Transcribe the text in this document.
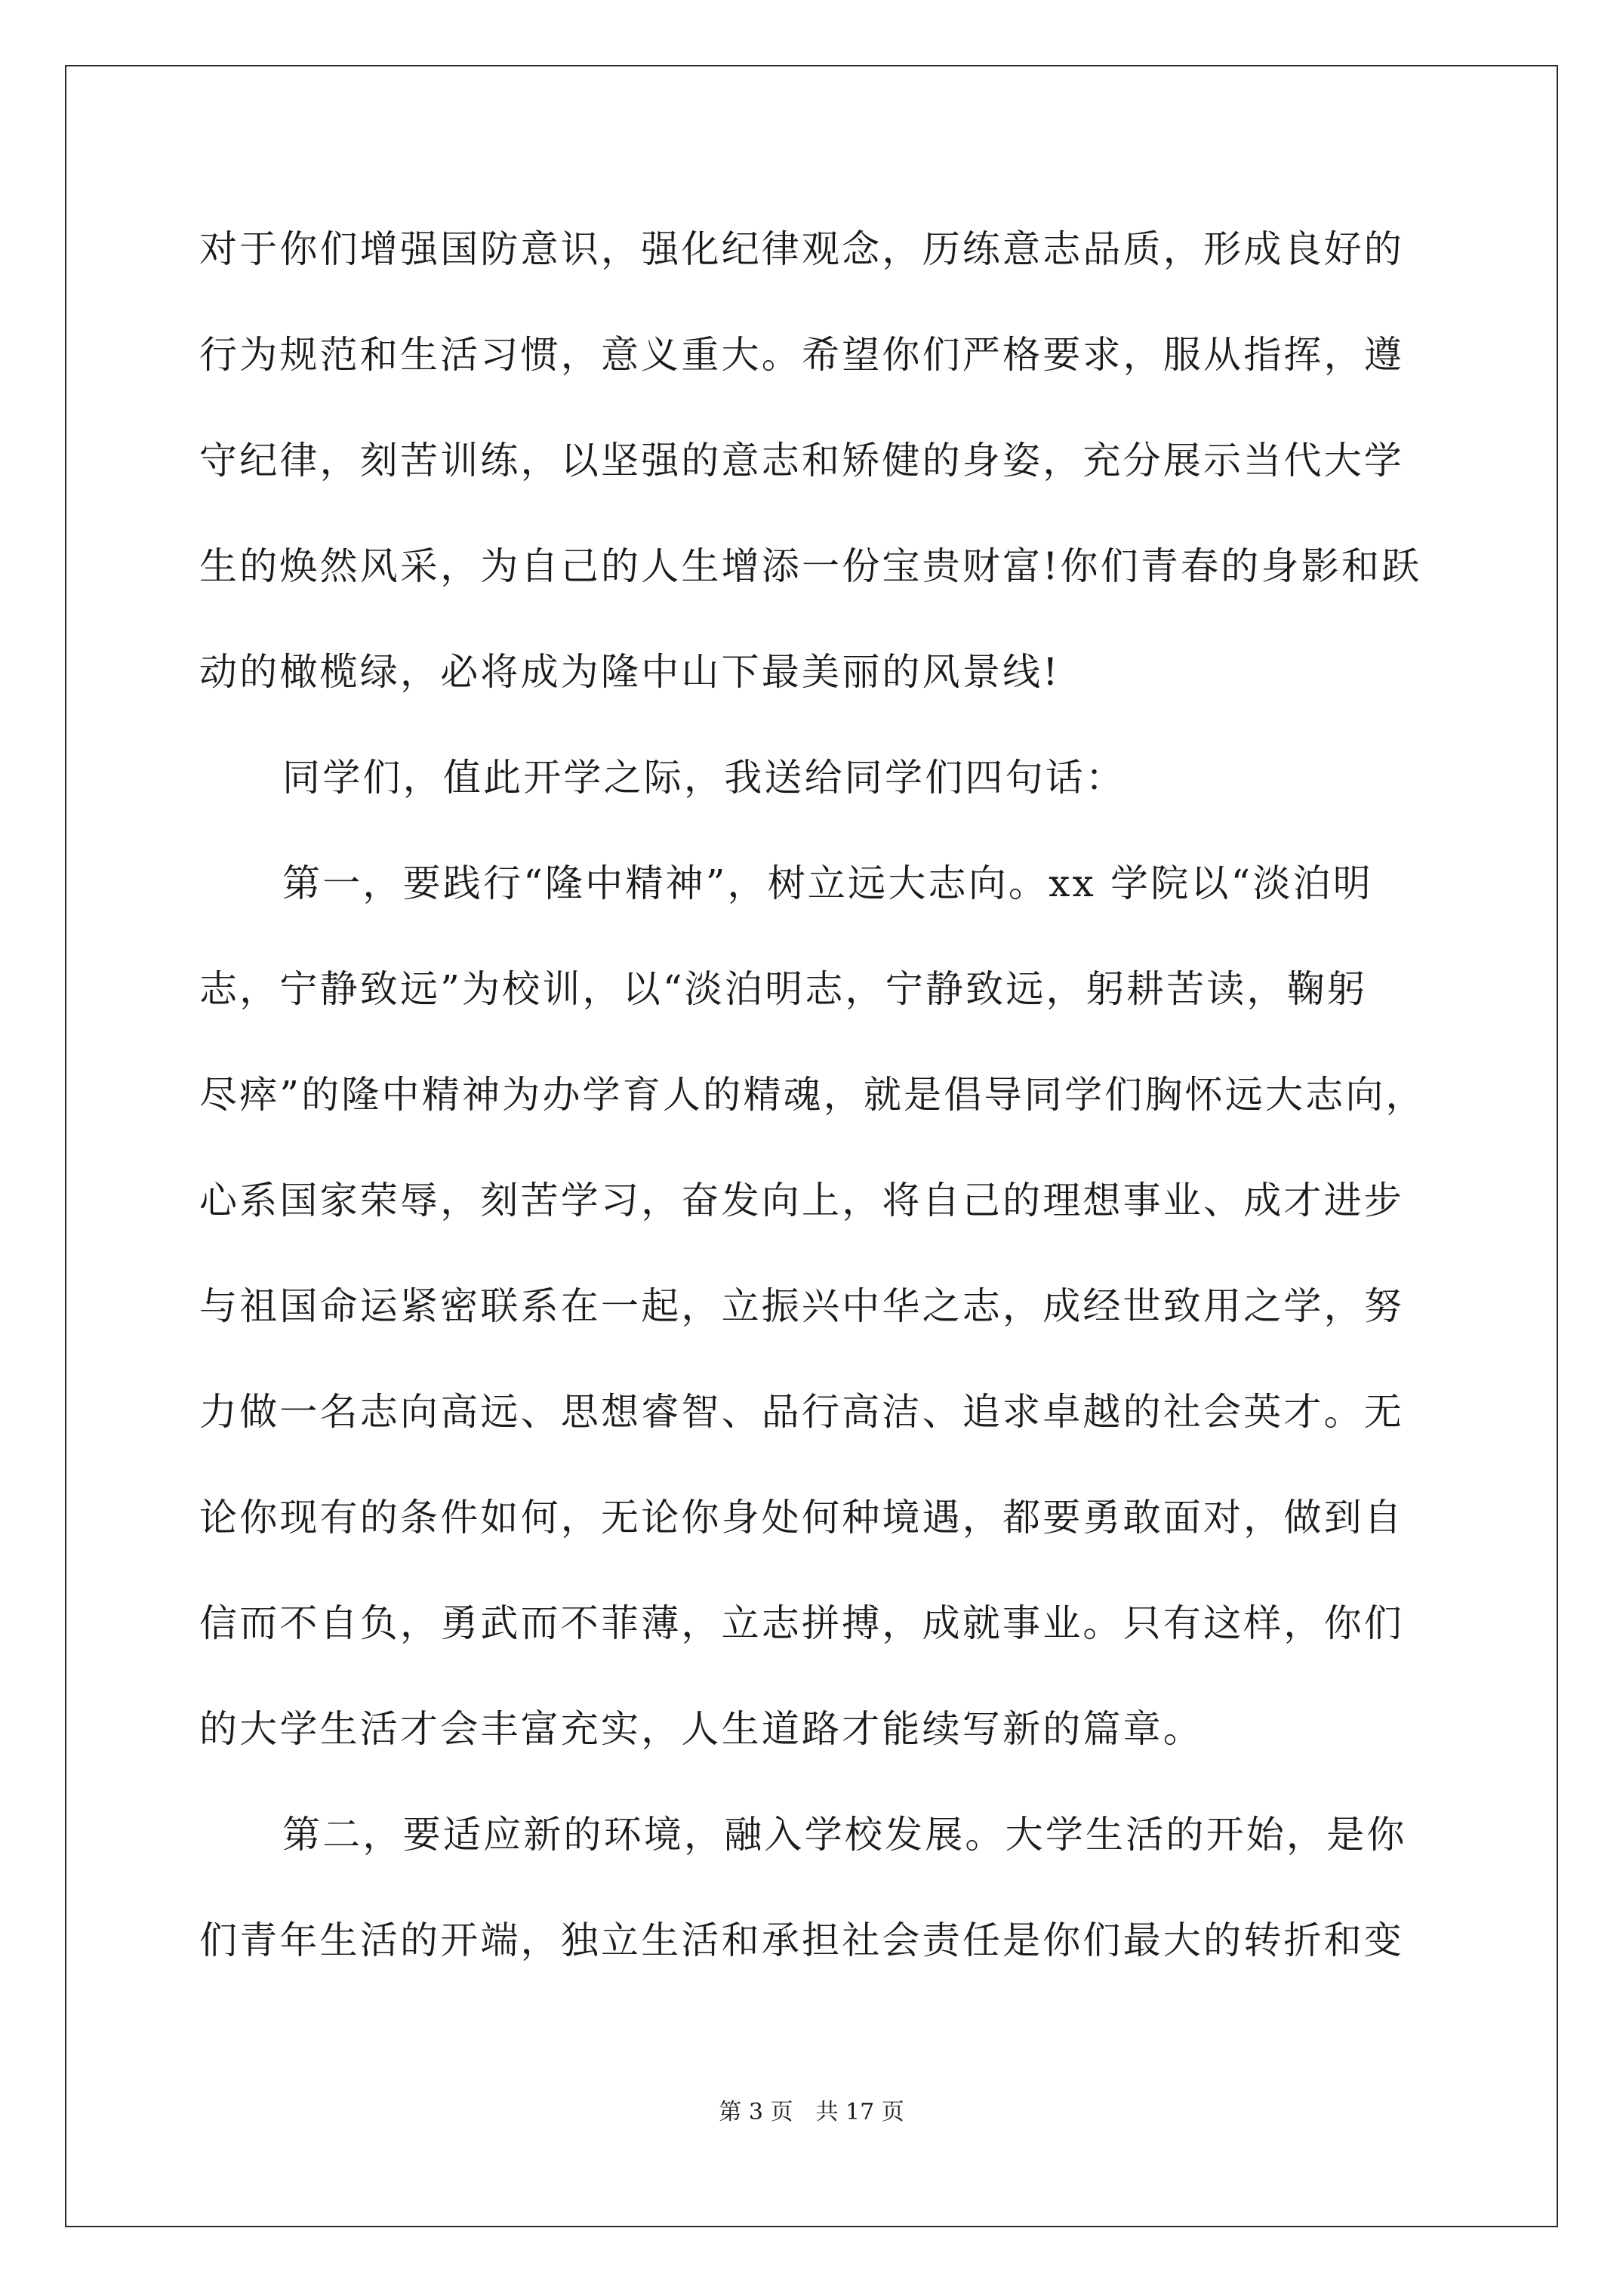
对于你们增强国防意识，强化纪律观念，历练意志品质，形成良好的
行为规范和生活习惯，意义重大。希望你们严格要求，服从指挥，遵
守纪律，刻苦训练，以坚强的意志和矫健的身姿，充分展示当代大学
生的焕然风采，为自己的人生增添一份宝贵财富!你们青春的身影和跃
动的橄榄绿，必将成为隆中山下最美丽的风景线!
同学们，值此开学之际，我送给同学们四句话：
第一，要践行“隆中精神”，树立远大志向。xx 学院以“淡泊明
志，宁静致远”为校训，以“淡泊明志，宁静致远，躬耕苦读，鞠躬
尽瘁”的隆中精神为办学育人的精魂，就是倡导同学们胸怀远大志向，
心系国家荣辱，刻苦学习，奋发向上，将自己的理想事业、成才进步
与祖国命运紧密联系在一起，立振兴中华之志，成经世致用之学，努
力做一名志向高远、思想睿智、品行高洁、追求卓越的社会英才。无
论你现有的条件如何，无论你身处何种境遇，都要勇敢面对，做到自
信而不自负，勇武而不菲薄，立志拼搏，成就事业。只有这样，你们
的大学生活才会丰富充实，人生道路才能续写新的篇章。
第二，要适应新的环境，融入学校发展。大学生活的开始，是你
们青年生活的开端，独立生活和承担社会责任是你们最大的转折和变
第 3 页 共 17 页
